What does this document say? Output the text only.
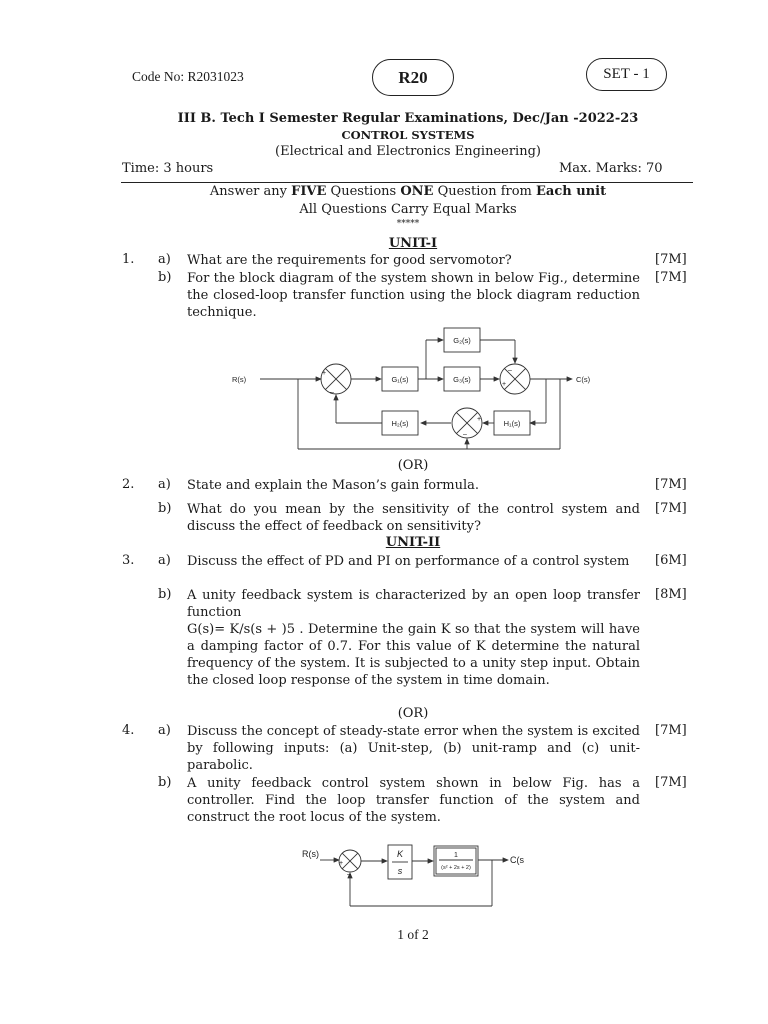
Code No: R2031023	R20	SET - 1
III B. Tech I Semester Regular Examinations, Dec/Jan -2022-23
CONTROL SYSTEMS
(Electrical and Electronics Engineering)
Time: 3 hours	Max. Marks: 70
Answer any FIVE Questions ONE Question from Each unit
All Questions Carry Equal Marks
*****
UNIT-I
1. a) What are the requirements for good servomotor?	[7M]
b) For the block diagram of the system shown in below Fig., determine the closed-loop transfer function using the block diagram reduction technique.
[7M]
R(s)	C(s)
G₁(s)
G₂(s)
G₃(s)
H₁(s)
H₂(s)
+
–
–
+
+
–
(OR)
2. a) State and explain the Mason’s gain formula.	[7M]
b) What do you mean by the sensitivity of the control system and discuss the effect of feedback on sensitivity?
[7M]
UNIT-II
3. a) Discuss the effect of PD and PI on performance of a control system	[6M]
b) A unity feedback system is characterized by an open loop transfer function
[8M]
G(s)= K/s(s + )5 . Determine the gain K so that the system will have a damping factor of 0.7. For this value of K determine the natural frequency of the system. It is subjected to a unity step input. Obtain the closed loop response of the system in time domain.
(OR)
4. a) Discuss the concept of steady-state error when the system is excited by following inputs: (a) Unit-step, (b) unit-ramp and (c) unit-parabolic.
[7M]
b) A unity feedback control system shown in below Fig. has a controller. Find the loop transfer function of the system and construct the root locus of the system.
[7M]
R(s)
C(s
K
s
1
(s² + 2s + 2)
+
–
1 of 2
